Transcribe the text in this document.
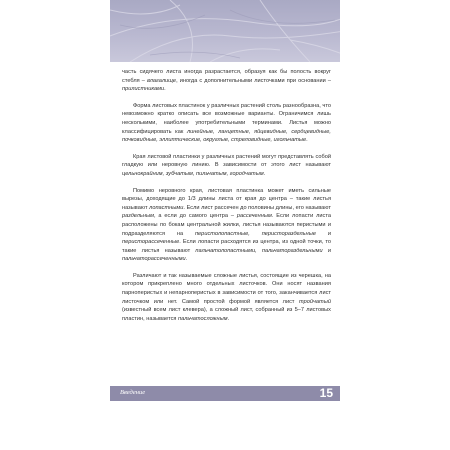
часть сидячего листа иногда разрастается, образуя как бы полость вокруг стебля – влагалище, иногда с дополнительными листочками при основании – прилистниками.

Форма листовых пластинок у различных растений столь разнообразна, что невозможно кратко описать все возможные варианты. Ограничимся лишь несколькими, наиболее употребительными терминами. Листья можно классифицировать как линейные, ланцетные, яйцевидные, сердцевидные, почковидные, эллиптические, округлые, стреловидные, игольчатые.

Края листовой пластинки у различных растений могут представлять собой гладкую или неровную линию. В зависимости от этого лист называют цельнокрайним, зубчатым, пильчатым, городчатым.

Помимо неровного края, листовая пластинка может иметь сильные вырезы, доходящие до 1/3 длины листа от края до центра – такие листья называют лопастными. Если лист рассечен до половины длины, его называют раздельным, а если до самого центра – рассеченным. Если лопасти листа расположены по бокам центральной жилки, листья называются перистыми и подразделяются на перистолопастные, перистораздельные и перисторассеченные. Если лопасти расходятся из центра, из одной точки, то такие листья называют пальчатолопастными, пальчатораздельными и пальчаторассеченными.

Различают и так называемые сложные листья, состоящие из черешка, на котором прикреплено много отдельных листочков. Они носят названия парноперистых и непарноперистых в зависимости от того, заканчивается лист листочком или нет. Самой простой формой является лист тройчатый (известный всем лист клевера), а сложный лист, собранный из 5–7 листовых пластин, называется пальчатосложным.

Введение	15
